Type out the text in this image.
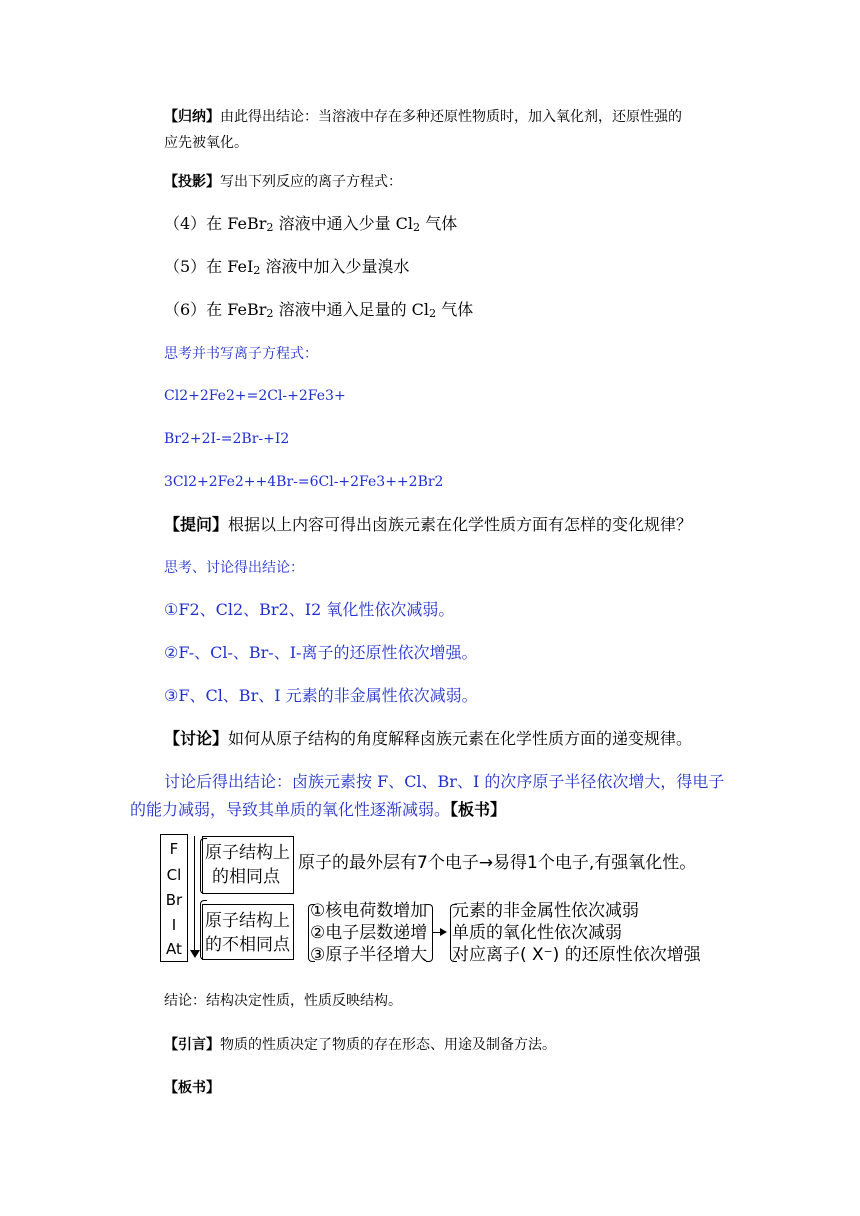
【归纳】由此得出结论：当溶液中存在多种还原性物质时，加入氧化剂，还原性强的
应先被氧化。

【投影】写出下列反应的离子方程式：

（4）在 FeBr$_2$ 溶液中通入少量 $Cl_2$ 气体

（5）在 FeI$_2$ 溶液中加入少量溴水

（6）在 FeBr$_2$ 溶液中通入足量的 $Cl_2$ 气体

思考并书写离子方程式：

Cl2+2Fe2+=2Cl-+2Fe3+

Br2+2I-=2Br-+I2

3Cl2+2Fe2++4Br-=6Cl-+2Fe3++2Br2

【提问】根据以上内容可得出卤族元素在化学性质方面有怎样的变化规律？

思考、讨论得出结论：

①F2、Cl2、Br2、I2 氧化性依次减弱。

②F-、Cl-、Br-、I-离子的还原性依次增强。

③F、Cl、Br、I 元素的非金属性依次减弱。

【讨论】如何从原子结构的角度解释卤族元素在化学性质方面的递变规律。

讨论后得出结论：卤族元素按 F、Cl、Br、I 的次序原子半径依次增大，得电子的能力减弱，导致其单质的氧化性逐渐减弱。【板书】

F
Cl
Br
I
At
原子结构上
的相同点
原子的最外层有7个电子→易得1个电子,有强氧化性。
原子结构上
的不相同点
①核电荷数增加
②电子层数递增
③原子半径增大
元素的非金属性依次减弱
单质的氧化性依次减弱
对应离子( X⁻) 的还原性依次增强

结论：结构决定性质，性质反映结构。

【引言】物质的性质决定了物质的存在形态、用途及制备方法。

【板书】
